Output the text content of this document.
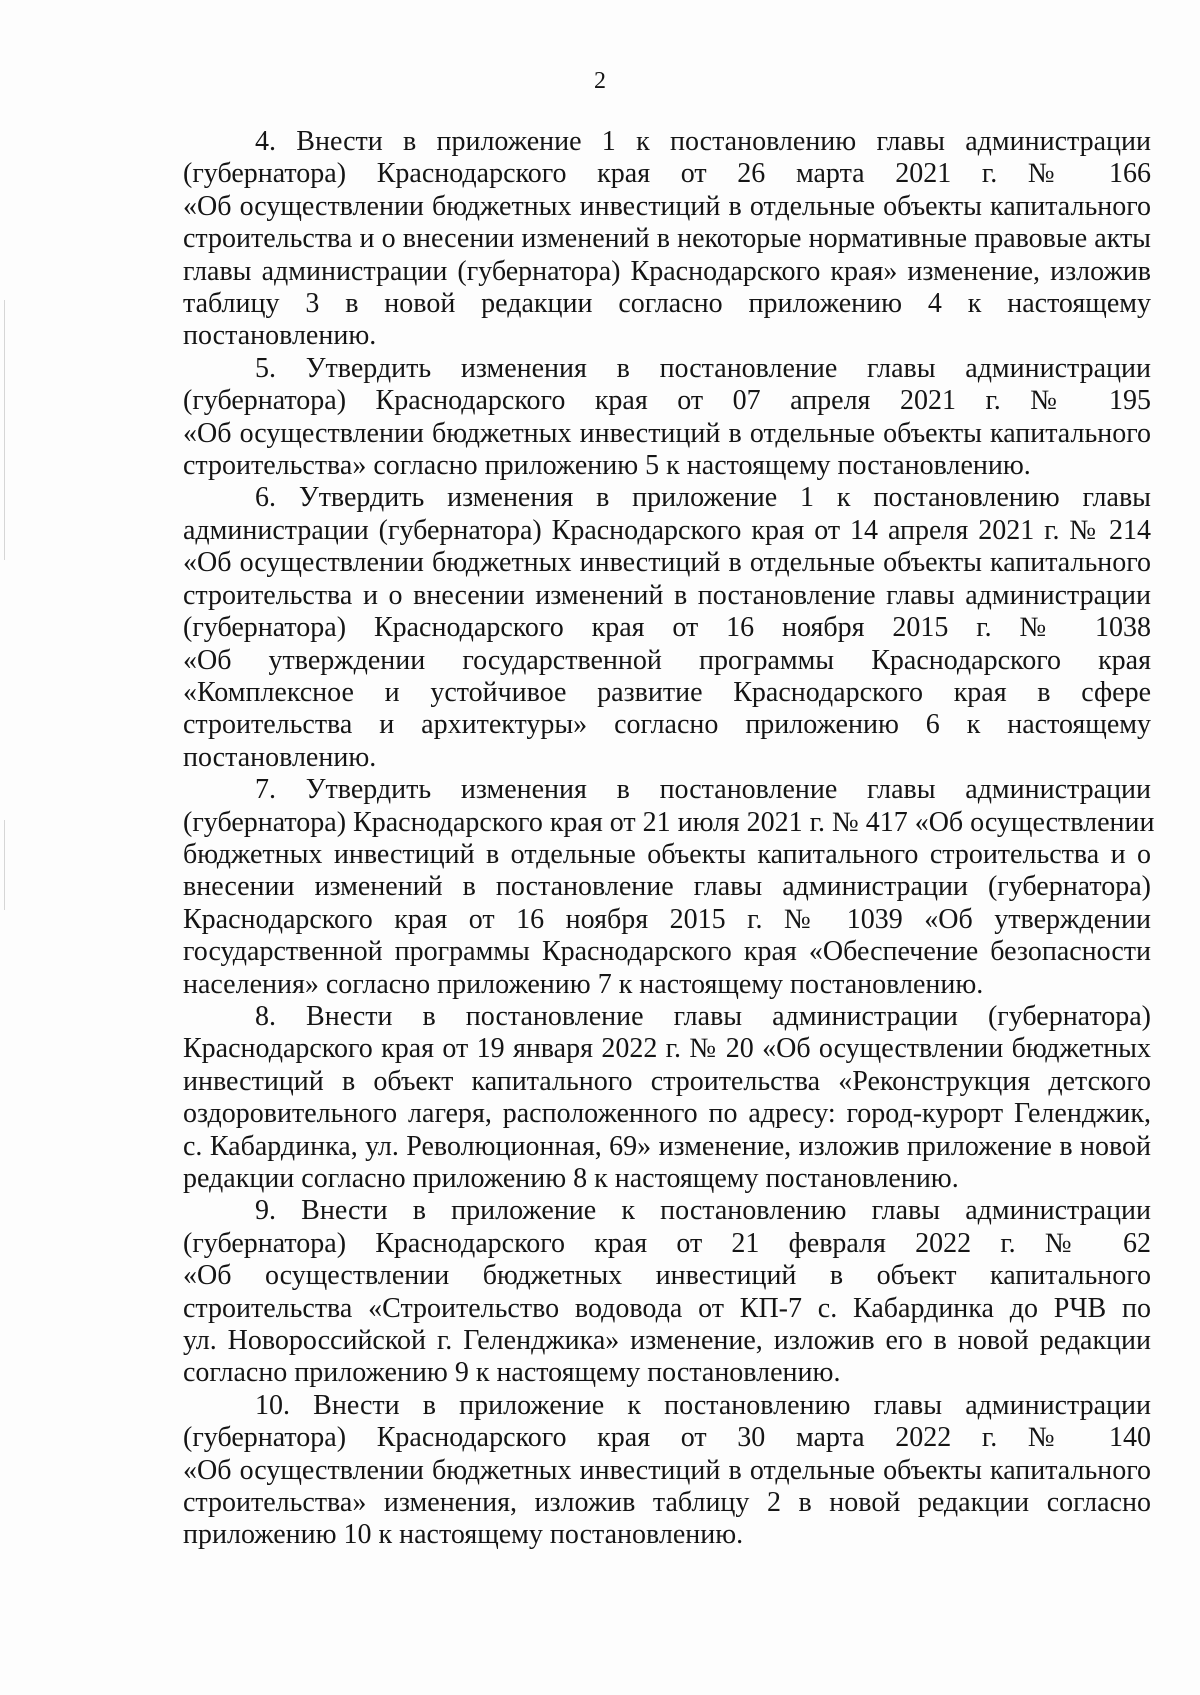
2

4. Внести в приложение 1 к постановлению главы администрации
(губернатора) Краснодарского края от 26 марта 2021 г. № 166
«Об осуществлении бюджетных инвестиций в отдельные объекты капитального
строительства и о внесении изменений в некоторые нормативные правовые акты
главы администрации (губернатора) Краснодарского края» изменение, изложив
таблицу 3 в новой редакции согласно приложению 4 к настоящему
постановлению.

5. Утвердить изменения в постановление главы администрации
(губернатора) Краснодарского края от 07 апреля 2021 г. № 195
«Об осуществлении бюджетных инвестиций в отдельные объекты капитального
строительства» согласно приложению 5 к настоящему постановлению.

6. Утвердить изменения в приложение 1 к постановлению главы
администрации (губернатора) Краснодарского края от 14 апреля 2021 г. № 214
«Об осуществлении бюджетных инвестиций в отдельные объекты капитального
строительства и о внесении изменений в постановление главы администрации
(губернатора) Краснодарского края от 16 ноября 2015 г. № 1038
«Об утверждении государственной программы Краснодарского края
«Комплексное и устойчивое развитие Краснодарского края в сфере
строительства и архитектуры» согласно приложению 6 к настоящему
постановлению.

7. Утвердить изменения в постановление главы администрации
(губернатора) Краснодарского края от 21 июля 2021 г. № 417 «Об осуществлении
бюджетных инвестиций в отдельные объекты капитального строительства и о
внесении изменений в постановление главы администрации (губернатора)
Краснодарского края от 16 ноября 2015 г. № 1039 «Об утверждении
государственной программы Краснодарского края «Обеспечение безопасности
населения» согласно приложению 7 к настоящему постановлению.

8. Внести в постановление главы администрации (губернатора)
Краснодарского края от 19 января 2022 г. № 20 «Об осуществлении бюджетных
инвестиций в объект капитального строительства «Реконструкция детского
оздоровительного лагеря, расположенного по адресу: город-курорт Геленджик,
с. Кабардинка, ул. Революционная, 69» изменение, изложив приложение в новой
редакции согласно приложению 8 к настоящему постановлению.

9. Внести в приложение к постановлению главы администрации
(губернатора) Краснодарского края от 21 февраля 2022 г. № 62
«Об осуществлении бюджетных инвестиций в объект капитального
строительства «Строительство водовода от КП-7 с. Кабардинка до РЧВ по
ул. Новороссийской г. Геленджика» изменение, изложив его в новой редакции
согласно приложению 9 к настоящему постановлению.

10. Внести в приложение к постановлению главы администрации
(губернатора) Краснодарского края от 30 марта 2022 г. № 140
«Об осуществлении бюджетных инвестиций в отдельные объекты капитального
строительства» изменения, изложив таблицу 2 в новой редакции согласно
приложению 10 к настоящему постановлению.
